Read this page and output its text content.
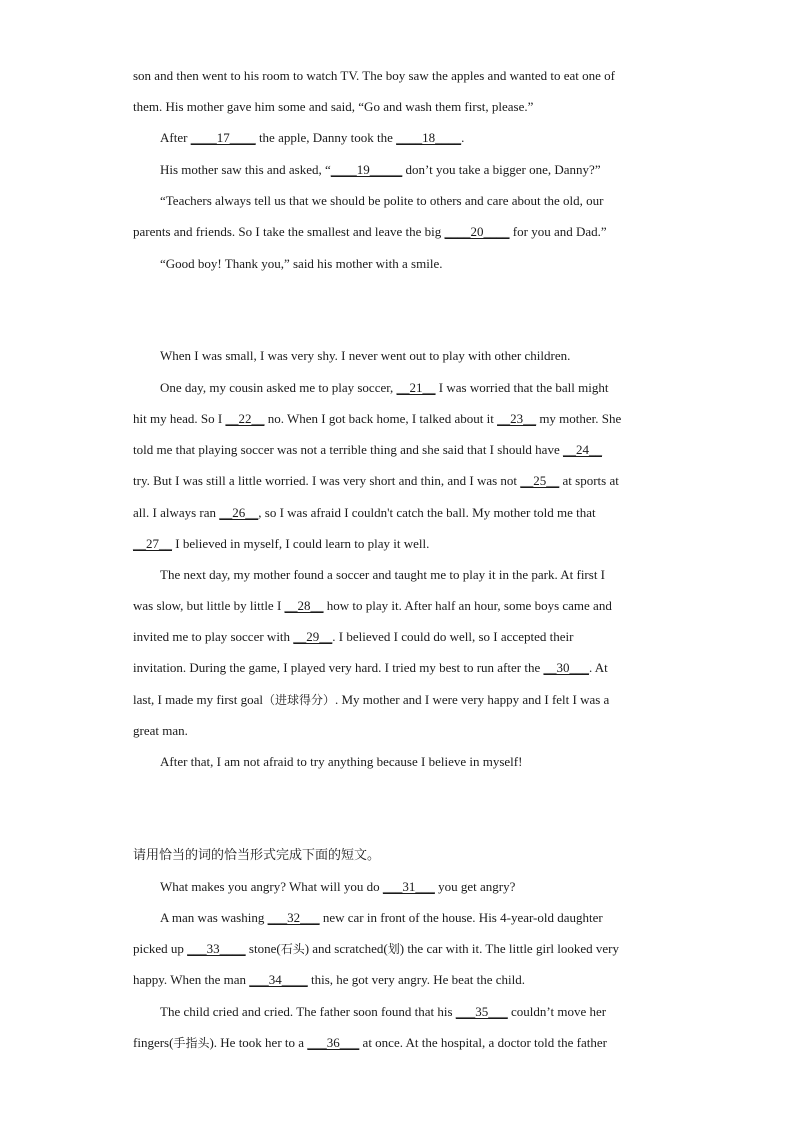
son and then went to his room to watch TV. The boy saw the apples and wanted to eat one of
them. His mother gave him some and said, “Go and wash them first, please.”
After ____17____ the apple, Danny took the ____18____.
His mother saw this and asked, “____19_____ don’t you take a bigger one, Danny?”
“Teachers always tell us that we should be polite to others and care about the old, our
parents and friends. So I take the smallest and leave the big ____20____ for you and Dad.”
“Good boy! Thank you,” said his mother with a smile.
When I was small, I was very shy. I never went out to play with other children.
One day, my cousin asked me to play soccer, __21__ I was worried that the ball might
hit my head. So I __22__ no. When I got back home, I talked about it __23__ my mother. She
told me that playing soccer was not a terrible thing and she said that I should have __24__
try. But I was still a little worried. I was very short and thin, and I was not __25__ at sports at
all. I always ran __26__, so I was afraid I couldn't catch the ball. My mother told me that
__27__ I believed in myself, I could learn to play it well.
The next day, my mother found a soccer and taught me to play it in the park. At first I
was slow, but little by little I __28__ how to play it. After half an hour, some boys came and
invited me to play soccer with __29__. I believed I could do well, so I accepted their
invitation. During the game, I played very hard. I tried my best to run after the __30___. At
last, I made my first goal（进球得分）. My mother and I were very happy and I felt I was a
great man.
After that, I am not afraid to try anything because I believe in myself!
请用恰当的词的恰当形式完成下面的短文。
What makes you angry? What will you do ___31___ you get angry?
A man was washing ___32___ new car in front of the house. His 4-year-old daughter
picked up ___33____ stone(石头) and scratched(划) the car with it. The little girl looked very
happy. When the man ___34____ this, he got very angry. He beat the child.
The child cried and cried. The father soon found that his ___35___ couldn’t move her
fingers(手指头). He took her to a ___36___ at once. At the hospital, a doctor told the father
